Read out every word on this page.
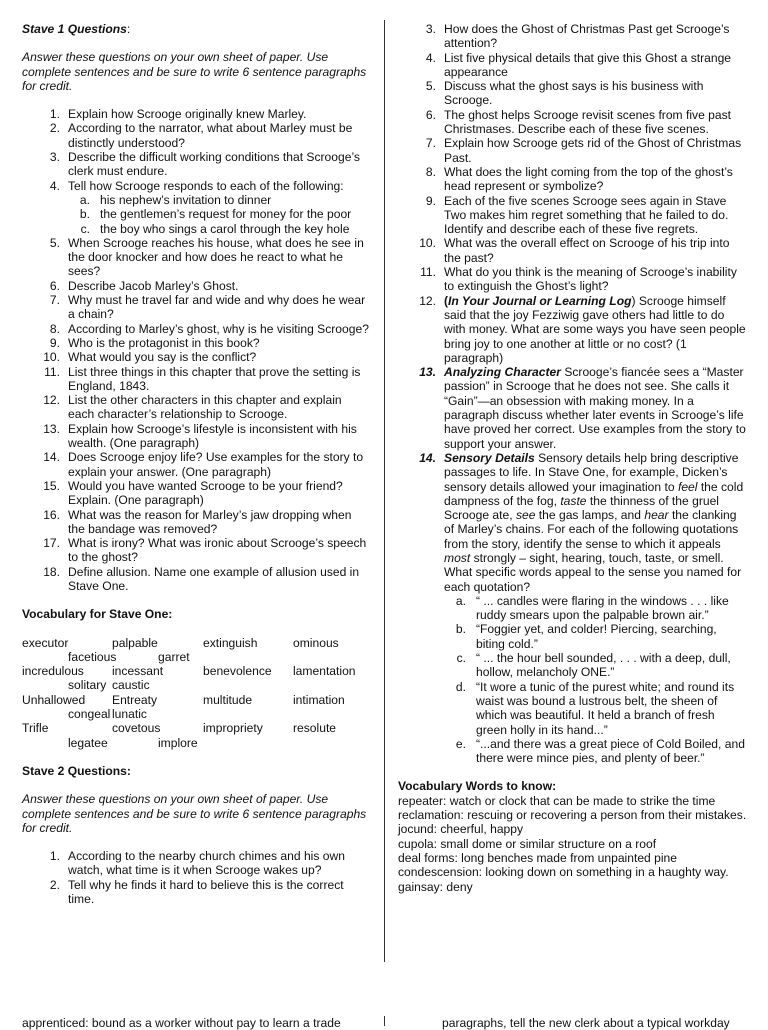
Stave 1 Questions:
Answer these questions on your own sheet of paper. Use complete sentences and be sure to write 6 sentence paragraphs for credit.
1. Explain how Scrooge originally knew Marley.
2. According to the narrator, what about Marley must be distinctly understood?
3. Describe the difficult working conditions that Scrooge’s clerk must endure.
4. Tell how Scrooge responds to each of the following:
a. his nephew’s invitation to dinner
b. the gentlemen’s request for money for the poor
c. the boy who sings a carol through the key hole
5. When Scrooge reaches his house, what does he see in the door knocker and how does he react to what he sees?
6. Describe Jacob Marley’s Ghost.
7. Why must he travel far and wide and why does he wear a chain?
8. According to Marley’s ghost, why is he visiting Scrooge?
9. Who is the protagonist in this book?
10. What would you say is the conflict?
11. List three things in this chapter that prove the setting is England, 1843.
12. List the other characters in this chapter and explain each character’s relationship to Scrooge.
13. Explain how Scrooge’s lifestyle is inconsistent with his wealth. (One paragraph)
14. Does Scrooge enjoy life? Use examples for the story to explain your answer. (One paragraph)
15. Would you have wanted Scrooge to be your friend? Explain. (One paragraph)
16. What was the reason for Marley’s jaw dropping when the bandage was removed?
17. What is irony? What was ironic about Scrooge’s speech to the ghost?
18. Define allusion. Name one example of allusion used in Stave One.
Vocabulary for Stave One:
executor	palpable	extinguish	ominous
facetious	garret
incredulous incessant	benevolence lamentation
solitary caustic
Unhallowed Entreaty	multitude	intimation
congeal lunatic
Trifle	covetous	impropriety resolute
legatee	implore
Stave 2 Questions:
Answer these questions on your own sheet of paper. Use complete sentences and be sure to write 6 sentence paragraphs for credit.
1. According to the nearby church chimes and his own watch, what time is it when Scrooge wakes up?
2. Tell why he finds it hard to believe this is the correct time.
3. How does the Ghost of Christmas Past get Scrooge’s attention?
4. List five physical details that give this Ghost a strange appearance
5. Discuss what the ghost says is his business with Scrooge.
6. The ghost helps Scrooge revisit scenes from five past Christmases. Describe each of these five scenes.
7. Explain how Scrooge gets rid of the Ghost of Christmas Past.
8. What does the light coming from the top of the ghost’s head represent or symbolize?
9. Each of the five scenes Scrooge sees again in Stave Two makes him regret something that he failed to do. Identify and describe each of these five regrets.
10. What was the overall effect on Scrooge of his trip into the past?
11. What do you think is the meaning of Scrooge’s inability to extinguish the Ghost’s light?
12. (In Your Journal or Learning Log) Scrooge himself said that the joy Fezziwig gave others had little to do with money. What are some ways you have seen people bring joy to one another at little or no cost? (1 paragraph)
13. Analyzing Character Scrooge’s fiancée sees a “Master passion” in Scrooge that he does not see. She calls it “Gain”—an obsession with making money. In a paragraph discuss whether later events in Scrooge’s life have proved her correct. Use examples from the story to support your answer.
14. Sensory Details Sensory details help bring descriptive passages to life. In Stave One, for example, Dicken’s sensory details allowed your imagination to feel the cold dampness of the fog, taste the thinness of the gruel Scrooge ate, see the gas lamps, and hear the clanking of Marley’s chains. For each of the following quotations from the story, identify the sense to which it appeals most strongly – sight, hearing, touch, taste, or smell. What specific words appeal to the sense you named for each quotation?
a. “ ... candles were flaring in the windows . . . like ruddy smears upon the palpable brown air.”
b. “Foggier yet, and colder! Piercing, searching, biting cold.”
c. “ ... the hour bell sounded, . . . with a deep, dull, hollow, melancholy ONE.”
d. “It wore a tunic of the purest white; and round its waist was bound a lustrous belt, the sheen of which was beautiful. It held a branch of fresh green holly in its hand...”
e. “...and there was a great piece of Cold Boiled, and there were mince pies, and plenty of beer.”
Vocabulary Words to know:
repeater: watch or clock that can be made to strike the time
reclamation: rescuing or recovering a person from their mistakes.
jocund: cheerful, happy
cupola: small dome or similar structure on a roof
deal forms: long benches made from unpainted pine
condescension: looking down on something in a haughty way.
gainsay: deny
apprenticed: bound as a worker without pay to learn a trade	paragraphs, tell the new clerk about a typical workday
